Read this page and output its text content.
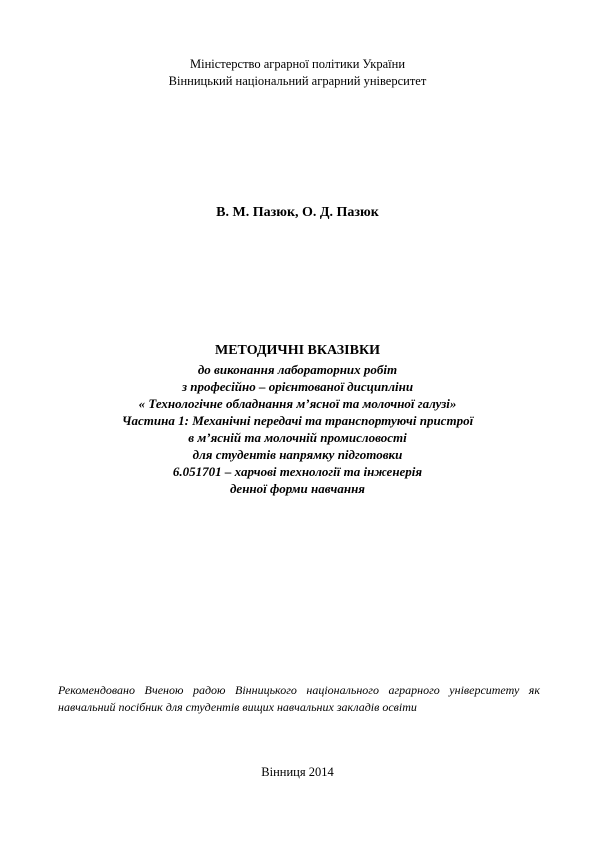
Міністерство аграрної політики України
Вінницький національний аграрний університет
В. М. Пазюк, О. Д. Пазюк
МЕТОДИЧНІ ВКАЗІВКИ
до виконання лабораторних робіт
з професійно – орієнтованої дисципліни
« Технологічне обладнання м’ясної та молочної галузі»
Частина 1: Механічні передачі та транспортуючі пристрої
в м’ясній та молочній промисловості
для студентів напрямку підготовки
6.051701 – харчові технології та інженерія
денної форми навчання
Рекомендовано Вченою радою Вінницького національного аграрного університету як навчальний посібник для студентів вищих навчальних закладів освіти
Вінниця 2014
